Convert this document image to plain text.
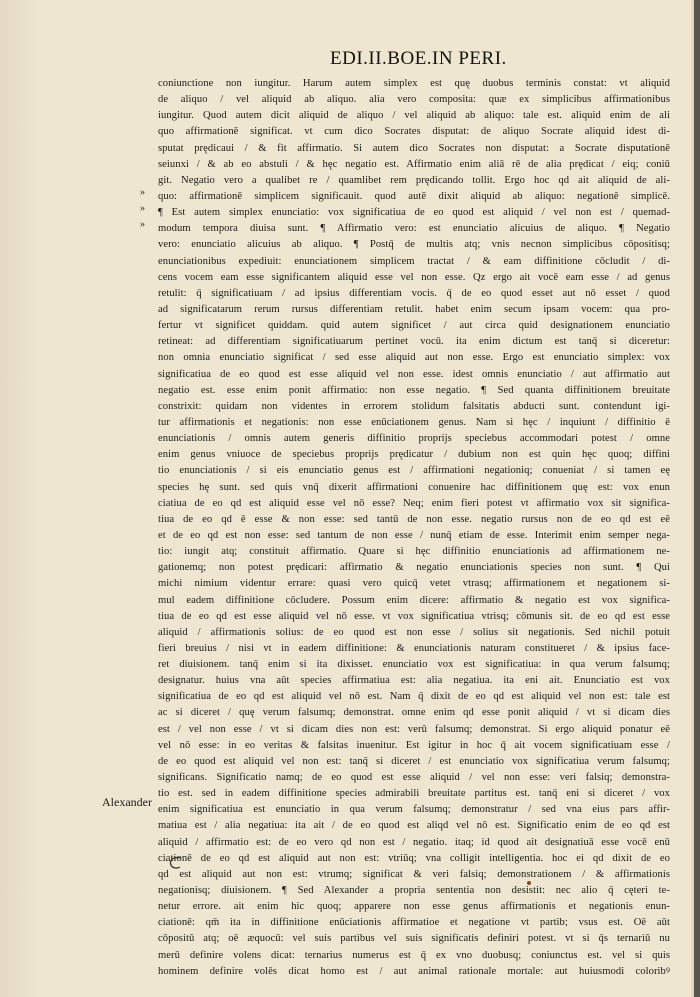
EDI.II.BOE.IN PERI.
»
»
»
Alexander
coniunctione non iungitur. Harum autem simplex est quę duobus terminis constat: vt aliquid
de aliquo / vel aliquid ab aliquo. alia vero composita: quæ ex simplicibus affirmationibus
iungitur. Quod autem dicit aliquid de aliquo / vel aliquid ab aliquo: tale est. aliquid enim de ali
quo affirmationē significat. vt cum dico Socrates disputat: de aliquo Socrate aliquid idest di-
sputat prędicaui / & fit affirmatio. Si autem dico Socrates non disputat: a Socrate disputationē
seiunxi / & ab eo abstuli / & hęc negatio est. Affirmatio enim aliā rē de alia prędicat / eiq; coniū
git. Negatio vero a qualibet re / quamlibet rem prędicando tollit. Ergo hoc qd ait aliquid de ali-
quo: affirmationē simplicem significauit. quod autē dixit aliquid ab aliquo: negationē simplicē.
¶ Est autem simplex enunciatio: vox significatiua de eo quod est aliquid / vel non est / quemad-
modum tempora diuisa sunt. ¶ Affirmatio vero: est enunciatio alicuius de aliquo. ¶ Negatio
vero: enunciatio alicuius ab aliquo. ¶ Postq̄ de multis atq; vnis necnon simplicibus cōpositisq;
enunciationibus expediuit: enunciationem simplicem tractat / & eam diffinitione cōcludit / di-
cens vocem eam esse significantem aliquid esse vel non esse. Qz ergo ait vocē eam esse / ad genus
retulit: q̄ significatiuam / ad ipsius differentiam vocis. q̄ de eo quod esset aut nō esset / quod
ad significatarum rerum rursus differentiam retulit. habet enim secum ipsam vocem: qua pro-
fertur vt significet quiddam. quid autem significet / aut circa quid designationem enunciatio
retineat: ad differentiam significatiuarum pertinet vocū. ita enim dictum est tanq̄ si diceretur:
non omnia enunciatio significat / sed esse aliquid aut non esse. Ergo est enunciatio simplex: vox
significatiua de eo quod est esse aliquid vel non esse. idest omnis enunciatio / aut affirmatio aut
negatio est. esse enim ponit affirmatio: non esse negatio. ¶ Sed quanta diffinitionem breuitate
constrixit: quidam non videntes in errorem stolidum falsitatis abducti sunt. contendunt igi-
tur affirmationis et negationis: non esse enūciationem genus. Nam si hęc / inquiunt / diffinitio ē
enunciationis / omnis autem generis diffinitio proprijs speciebus accommodari potest / omne
enim genus vniuoce de speciebus proprijs prędicatur / dubium non est quin hęc quoq; diffini
tio enunciationis / si eis enunciatio genus est / affirmationi negationiq; conueniat / si tamen eę
species hę sunt. sed quis vnq̄ dixerit affirmationi conuenire hac diffinitionem quę est: vox enun
ciatiua de eo qd est aliquid esse vel nō esse? Neq; enim fieri potest vt affirmatio vox sit significa-
tiua de eo qd ē esse & non esse: sed tantū de non esse. negatio rursus non de eo qd est eē
et de eo qd est non esse: sed tantum de non esse / nunq̄ etiam de esse. Interimit enim semper nega-
tio: iungit atq; constituit affirmatio. Quare si hęc diffinitio enunciationis ad affirmationem ne-
gationemq; non potest prędicari: affirmatio & negatio enunciationis species non sunt. ¶ Qui
michi nimium videntur errare: quasi vero quicq̄ vetet vtrasq; affirmationem et negationem si-
mul eadem diffinitione cōcludere. Possum enim dicere: affirmatio & negatio est vox significa-
tiua de eo qd est esse aliquid vel nō esse. vt vox significatiua vtrisq; cōmunis sit. de eo qd est esse
aliquid / affirmationis solius: de eo quod est non esse / solius sit negationis. Sed nichil potuit
fieri breuius / nisi vt in eadem diffinitione: & enunciationis naturam constitueret / & ipsius face-
ret diuisionem. tanq̄ enim si ita dixisset. enunciatio vox est significatiua: in qua verum falsumq;
designatur. huius vna aūt species affirmatiua est: alia negatiua. ita eni ait. Enunciatio est vox
significatiua de eo qd est aliquid vel nō est. Nam q̄ dixit de eo qd est aliquid vel non est: tale est
ac si diceret / quę verum falsumq; demonstrat. omne enim qd esse ponit aliquid / vt si dicam dies
est / vel non esse / vt si dicam dies non est: verū falsumq; demonstrat. Si ergo aliquid ponatur eē
vel nō esse: in eo veritas & falsitas inuenitur. Est igitur in hoc q̄ ait vocem significatiuam esse /
de eo quod est aliquid vel non est: tanq̄ si diceret / est enunciatio vox significatiua verum falsumq;
significans. Significatio namq; de eo quod est esse aliquid / vel non esse: veri falsiq; demonstra-
tio est. sed in eadem diffinitione species admirabili breuitate partitus est. tanq̄ eni si diceret / vox
enim significatiua est enunciatio in qua verum falsumq; demonstratur / sed vna eius pars affir-
matiua est / alia negatiua: ita ait / de eo quod est aliqd vel nō est. Significatio enim de eo qd est
aliquid / affirmatio est: de eo vero qd non est / negatio. itaq; id quod ait designatiuā esse vocē enū
ciationē de eo qd est aliquid aut non est: vtriūq; vna colligit intelligentia. hoc ei qd dixit de eo
qd est aliquid aut non est: vtrumq; significat & veri falsiq; demonstrationem / & affirmationis
negationisq; diuisionem. ¶ Sed Alexander a propria sententia non desistit: nec alio q̄ cęteri te-
netur errore. ait enim hic quoq; apparere non esse genus affirmationis et negationis enun-
ciationē: qm̄ ita in diffinitione enūciationis affirmatioe et negatione vt partib; vsus est. Oē aūt
cōpositū atq; oē æquocū: vel suis partibus vel suis significatis definiri potest. vt si q̄s ternariū nu
merū definire volens dicat: ternarius numerus est q̄ ex vno duobusq; coniunctus est. vel si quis
hominem definire volēs dicat homo est / aut animal rationale mortale: aut huiusmodi coloribꝰ
